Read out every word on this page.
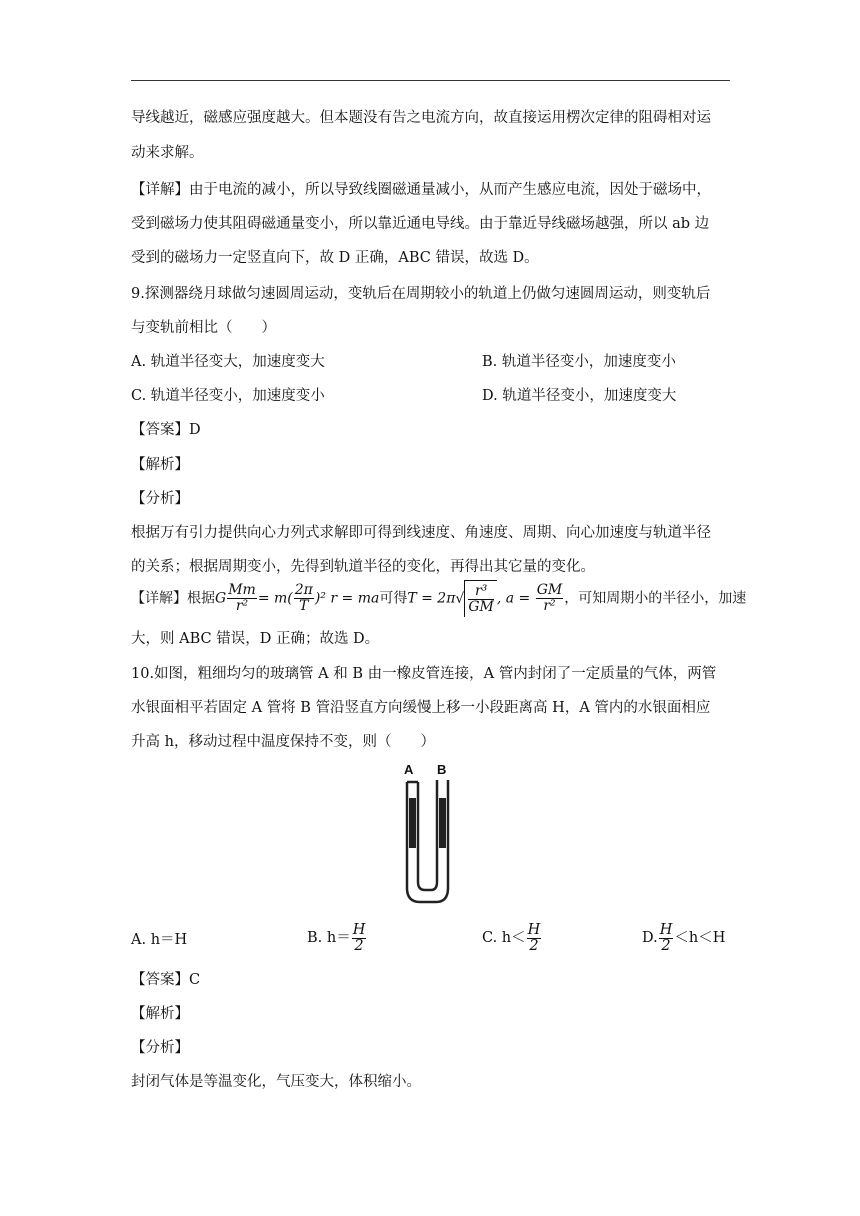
导线越近，磁感应强度越大。但本题没有告之电流方向，故直接运用楞次定律的阻碍相对运
动来求解。
【详解】由于电流的减小，所以导致线圈磁通量减小，从而产生感应电流，因处于磁场中，
受到磁场力使其阻碍磁通量变小，所以靠近通电导线。由于靠近导线磁场越强，所以 ab 边
受到的磁场力一定竖直向下，故 D 正确，ABC 错误，故选 D。
9.探测器绕月球做匀速圆周运动，变轨后在周期较小的轨道上仍做匀速圆周运动，则变轨后
与变轨前相比（　　）
A. 轨道半径变大，加速度变大	B. 轨道半径变小，加速度变小
C. 轨道半径变小，加速度变小	D. 轨道半径变小，加速度变大
【答案】D
【解析】
【分析】
根据万有引力提供向心力列式求解即可得到线速度、角速度、周期、向心加速度与轨道半径
的关系；根据周期变小，先得到轨道半径的变化，再得出其它量的变化。
【详解】根据G $\frac{Mm}{\text{r²}} = m( \frac{2\pi}{T} )^2$ r = ma可得$T = 2\pi√ \frac{\text{r³}}{GM}$ , $a = \frac{GM}{\text{r²}}$ ，可知周期小的半径小，加速
大，则 ABC 错误，D 正确；故选 D。
10.如图，粗细均匀的玻璃管 A 和 B 由一橡皮管连接，A 管内封闭了一定质量的气体，两管
水银面相平若固定 A 管将 B 管沿竖直方向缓慢上移一小段距离高 H，A 管内的水银面相应
升高 h，移动过程中温度保持不变，则（　　）
A B
A. h＝H	B. $h= \frac{H}{2}$	C. $h< \frac{H}{2}$	D. $\frac{H}{2} <h<H$
【答案】C
【解析】
【分析】
封闭气体是等温变化，气压变大，体积缩小。
